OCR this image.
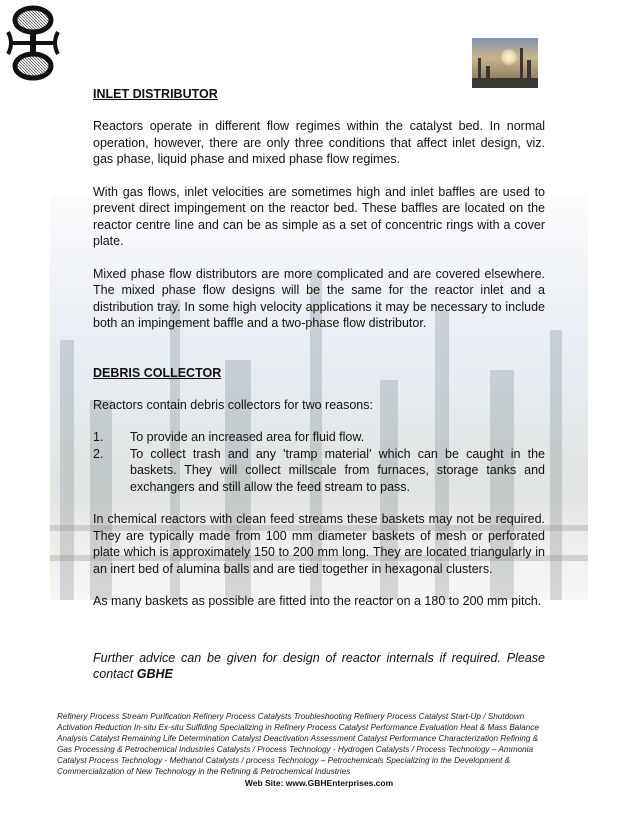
INLET DISTRIBUTOR

Reactors operate in different flow regimes within the catalyst bed. In normal operation, however, there are only three conditions that affect inlet design, viz. gas phase, liquid phase and mixed phase flow regimes.

With gas flows, inlet velocities are sometimes high and inlet baffles are used to prevent direct impingement on the reactor bed. These baffles are located on the reactor centre line and can be as simple as a set of concentric rings with a cover plate.

Mixed phase flow distributors are more complicated and are covered elsewhere. The mixed phase flow designs will be the same for the reactor inlet and a distribution tray. In some high velocity applications it may be necessary to include both an impingement baffle and a two-phase flow distributor.

DEBRIS COLLECTOR

Reactors contain debris collectors for two reasons:

1.	To provide an increased area for fluid flow.
2.	To collect trash and any 'tramp material' which can be caught in the baskets. They will collect millscale from furnaces, storage tanks and exchangers and still allow the feed stream to pass.

In chemical reactors with clean feed streams these baskets may not be required. They are typically made from 100 mm diameter baskets of mesh or perforated plate which is approximately 150 to 200 mm long. They are located triangularly in an inert bed of alumina balls and are tied together in hexagonal clusters.

As many baskets as possible are fitted into the reactor on a 180 to 200 mm pitch.

Further advice can be given for design of reactor internals if required. Please contact GBHE

Refinery Process Stream Purification Refinery Process Catalysts Troubleshooting Refinery Process Catalyst Start-Up / Shutdown Activation Reduction In-situ Ex-situ Sulfiding Specializing in Refinery Process Catalyst Performance Evaluation Heat & Mass Balance Analysis Catalyst Remaining Life Determination Catalyst Deactivation Assessment Catalyst Performance Characterization Refining & Gas Processing & Petrochemical Industries Catalysts / Process Technology - Hydrogen Catalysts / Process Technology – Ammonia Catalyst Process Technology - Methanol Catalysts / process Technology – Petrochemicals Specializing in the Development & Commercialization of New Technology in the Refining & Petrochemical Industries
Web Site: www.GBHEnterprises.com
